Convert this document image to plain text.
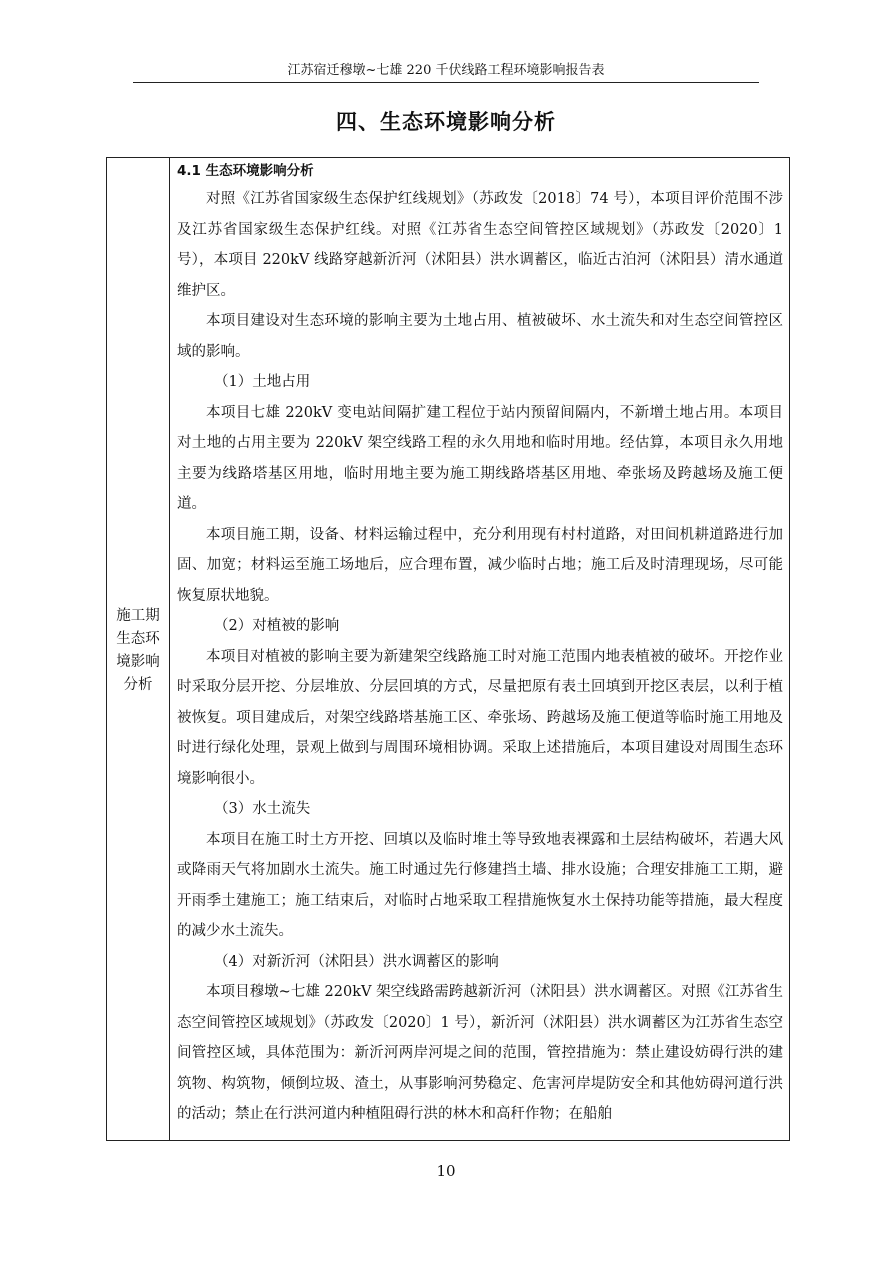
江苏宿迁穆墩~七雄 220 千伏线路工程环境影响报告表
四、生态环境影响分析
施工期
生态环
境影响
分析

4.1 生态环境影响分析

对照《江苏省国家级生态保护红线规划》（苏政发〔2018〕74 号），本项目评价范围不涉及江苏省国家级生态保护红线。对照《江苏省生态空间管控区域规划》（苏政发〔2020〕1 号），本项目 220kV 线路穿越新沂河（沭阳县）洪水调蓄区，临近古泊河（沭阳县）清水通道维护区。

本项目建设对生态环境的影响主要为土地占用、植被破坏、水土流失和对生态空间管控区域的影响。

（1）土地占用

本项目七雄 220kV 变电站间隔扩建工程位于站内预留间隔内，不新增土地占用。本项目对土地的占用主要为 220kV 架空线路工程的永久用地和临时用地。经估算，本项目永久用地主要为线路塔基区用地，临时用地主要为施工期线路塔基区用地、牵张场及跨越场及施工便道。

本项目施工期，设备、材料运输过程中，充分利用现有村村道路，对田间机耕道路进行加固、加宽；材料运至施工场地后，应合理布置，减少临时占地；施工后及时清理现场，尽可能恢复原状地貌。

（2）对植被的影响

本项目对植被的影响主要为新建架空线路施工时对施工范围内地表植被的破坏。开挖作业时采取分层开挖、分层堆放、分层回填的方式，尽量把原有表土回填到开挖区表层，以利于植被恢复。项目建成后，对架空线路塔基施工区、牵张场、跨越场及施工便道等临时施工用地及时进行绿化处理，景观上做到与周围环境相协调。采取上述措施后，本项目建设对周围生态环境影响很小。

（3）水土流失

本项目在施工时土方开挖、回填以及临时堆土等导致地表裸露和土层结构破坏，若遇大风或降雨天气将加剧水土流失。施工时通过先行修建挡土墙、排水设施；合理安排施工工期，避开雨季土建施工；施工结束后，对临时占地采取工程措施恢复水土保持功能等措施，最大程度的减少水土流失。

（4）对新沂河（沭阳县）洪水调蓄区的影响

本项目穆墩~七雄 220kV 架空线路需跨越新沂河（沭阳县）洪水调蓄区。对照《江苏省生态空间管控区域规划》（苏政发〔2020〕1 号），新沂河（沭阳县）洪水调蓄区为江苏省生态空间管控区域，具体范围为：新沂河两岸河堤之间的范围，管控措施为：禁止建设妨碍行洪的建筑物、构筑物，倾倒垃圾、渣土，从事影响河势稳定、危害河岸堤防安全和其他妨碍河道行洪的活动；禁止在行洪河道内种植阻碍行洪的林木和高秆作物；在船舶

10
